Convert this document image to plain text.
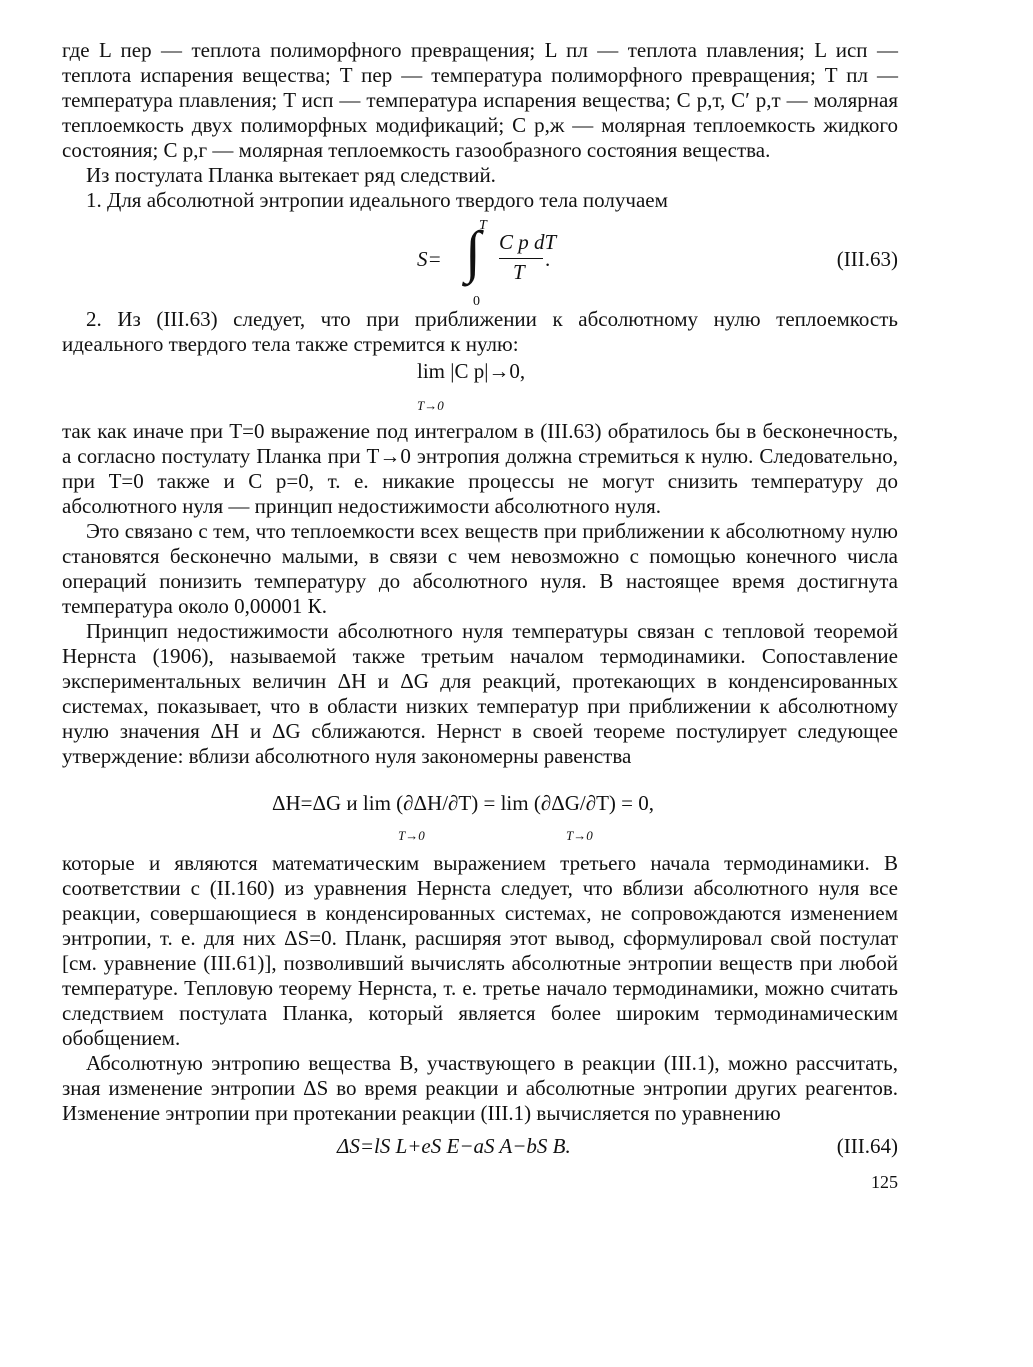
где L пер — теплота полиморфного превращения; L пл — теплота плавления; L исп — теплота испарения вещества; T пер — температура полиморфного превращения; T пл — температура плавления; T исп — температура испарения вещества; C p,т, C′ p,т — молярная теплоемкость двух полиморфных модификаций; C p,ж — молярная теплоемкость жидкого состояния; C p,г — молярная теплоемкость газообразного состояния вещества.

Из постулата Планка вытекает ряд следствий.

1. Для абсолютной энтропии идеального твердого тела получаем

S=
T
∫
0
C p dT
T
.	(III.63)

2. Из (III.63) следует, что при приближении к абсолютному нулю теплоемкость идеального твердого тела также стремится к нулю:

lim |C p|→0,
T→0

так как иначе при T=0 выражение под интегралом в (III.63) обратилось бы в бесконечность, а согласно постулату Планка при T→0 энтропия должна стремиться к нулю. Следовательно, при T=0 также и C p=0, т. е. никакие процессы не могут снизить температуру до абсолютного нуля — принцип недостижимости абсолютного нуля.

Это связано с тем, что теплоемкости всех веществ при приближении к абсолютному нулю становятся бесконечно малыми, в связи с чем невозможно с помощью конечного числа операций понизить температуру до абсолютного нуля. В настоящее время достигнута температура около 0,00001 К.

Принцип недостижимости абсолютного нуля температуры связан с тепловой теоремой Нернста (1906), называемой также третьим началом термодинамики. Сопоставление экспериментальных величин ΔH и ΔG для реакций, протекающих в конденсированных системах, показывает, что в области низких температур при приближении к абсолютному нулю значения ΔH и ΔG сближаются. Нернст в своей теореме постулирует следующее утверждение: вблизи абсолютного нуля закономерны равенства

ΔH=ΔG и lim (∂ΔH/∂T) = lim (∂ΔG/∂T) = 0,
T→0	T→0

которые и являются математическим выражением третьего начала термодинамики. В соответствии с (II.160) из уравнения Нернста следует, что вблизи абсолютного нуля все реакции, совершающиеся в конденсированных системах, не сопровождаются изменением энтропии, т. е. для них ΔS=0. Планк, расширяя этот вывод, сформулировал свой постулат [см. уравнение (III.61)], позволивший вычислять абсолютные энтропии веществ при любой температуре. Тепловую теорему Нернста, т. е. третье начало термодинамики, можно считать следствием постулата Планка, который является более широким термодинамическим обобщением.

Абсолютную энтропию вещества В, участвующего в реакции (III.1), можно рассчитать, зная изменение энтропии ΔS во время реакции и абсолютные энтропии других реагентов. Изменение энтропии при протекании реакции (III.1) вычисляется по уравнению

ΔS=lS L+eS E−aS A−bS B.	(III.64)
125
